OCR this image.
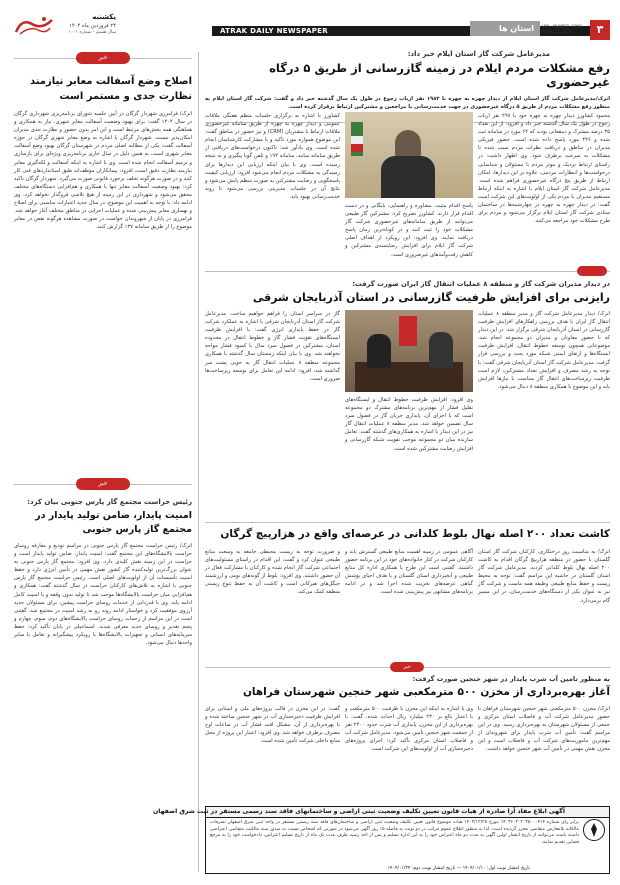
یکشنبه
۲۴ فروردین ماه ۱۴۰۴
سال هشتم - شماره ۱۰۰۱	ATRAK DAILY NEWSPAPER	استان ها	VOL. NUMRO. 1001
APRIL 13.2025	۳
خبر
اصلاح وضع آسفالت معابر نیازمند نظارت جدی و مستمر است
اترک/ فرامرزی شهردار گرگان در آیین جلسه شورای برنامه‌ریزی شهرداری گرگان در سال ۱۴۰۴ گفت: برای بهبود وضعیت آسفالت معابر شهری، نیاز به همکاری و هماهنگی همه بخش‌های مرتبط است و این امر بدون حضور و نظارت جدی مدیران امکان‌پذیر نیست. شهردار گرگان با اشاره به وضع معابر شهری گرگان در حوزه آسفالت گفت: یکی از مطالبه اصلی مردم در شهرستان گرگان بهبود وضع آسفالت معابر شهری است، به همین دلیل در سال جاری برنامه‌ریزی ویژه‌ای برای بازسازی و ترمیم آسفالت انجام شده است. وی با اشاره به اینکه آسفالت و لکه‌گیری معابر نیازمند نظارت دقیق است، افزود: پیمانکاران موظف‌اند طبق استانداردهای فنی کار کنند و در صورت هرگونه تخلف برخورد قانونی صورت می‌گیرد. شهردار گرگان تاکید کرد: بهبود وضعیت آسفالت معابر تنها با همکاری و هم‌افزایی دستگاه‌های مختلف محقق می‌شود و شهرداری در این زمینه از هیچ تلاشی فروگذار نخواهد کرد. وی ادامه داد: با توجه به اهمیت این موضوع، در سال جدید اعتبارات مناسبی برای اصلاح و بهسازی معابر پیش‌بینی شده و عملیات اجرایی در مناطق مختلف آغاز خواهد شد. فرامرزی در پایان از شهروندان خواست در صورت مشاهده هرگونه نقص در معابر موضوع را از طریق سامانه ۱۳۷ گزارش کنند.
خبر
رئیس حراست مجتمع گاز پارس جنوبی بیان کرد:
امنیت پایدار، ضامن تولید پایدار در مجتمع گاز پارس جنوبی
اترک/ رئیس حراست مجتمع گاز پارس جنوبی در مراسم تودیع و معارفه روسای حراست پالایشگاه‌های این مجتمع گفت: امنیت پایدار، ضامن تولید پایدار است و حراست در این زمینه نقش کلیدی دارد. وی افزود: مجتمع گاز پارس جنوبی به عنوان بزرگ‌ترین تولیدکننده گاز کشور نقش مهمی در تأمین انرژی دارد و حفظ امنیت تأسیسات آن از اولویت‌های اصلی است. رئیس حراست مجتمع گاز پارس جنوبی با اشاره به تلاش‌های کارکنان حراست در سال گذشته گفت: همکاری و هم‌افزایی میان حراست پالایشگاه‌ها موجب شد تا تولید بدون وقفه و با امنیت کامل ادامه یابد. وی با قدردانی از خدمات روسای حراست پیشین، برای مسئولان جدید آرزوی موفقیت کرد و خواستار ادامه روند رو به رشد امنیت در مجتمع شد. گفتنی است در این مراسم از زحمات روسای حراست پالایشگاه‌های دوم، سوم، چهارم و پنجم تقدیر و روسای جدید معرفی شدند. اسماعیلی در پایان تأکید کرد: حفظ سرمایه‌های انسانی و تجهیزات پالایشگاه‌ها با رویکرد پیشگیرانه و تعامل با سایر واحدها دنبال می‌شود.
مدیرعامل شرکت گاز استان ایلام خبر داد:
رفع مشکلات مردم ایلام در زمینه گازرسانی از طریق ۵ درگاه غیرحضوری
اترک/مدیرعامل شرکت گاز استان ایلام از دیدار چهره به چهره با ۱۹۸۳ نفر ارباب رجوع در طول یک سال گذشته خبر داد و گفت: شرکت گاز استان ایلام به منظور رفع مشکلات مردم از طریق ۵ درگاه غیرحضوری در جهت خدمت‌رسانی با مراجعین و مشترکین ارتباط برقرار کرده است.
محمود کشاورز دیدار چهره به چهره خود با ۲۹۷ نفر ارباب رجوع در طول یک سال گذشته خبر داد و افزود: از این تعداد ۳۵ درصد مشترک و ذینفعانی بودند که ۶۴ مورد در سامانه ثبت شده و ۴۲۶ مورد پاسخ داده شده است. حضور فیزیکی مدیران در مناطق و دریافت نظرات مردم سبب شده تا مشکلات به سرعت برطرف شود. وی اظهار داشت: در راستای ارتباط نزدیک و موثر مردم با مسئولان و شناسایی درخواست‌ها و انتظارات مردمی، علاوه بر این دیدارها، امکان ارتباط از طریق پنج درگاه غیرحضوری فراهم شده است. مدیرعامل شرکت گاز استان ایلام با اشاره به اینکه ارتباط مستقیم مدیران با مردم یکی از اولویت‌های این شرکت است گفت: در دیدار چهره به چهره در چهارشنبه‌ها در ساختمان ستادی شرکت گاز استان ایلام برگزار می‌شود و مردم برای طرح مشکلات خود مراجعه می‌کنند.
پاسخ اقدام مثبت، مشاوره و راهنمایی، بایگانی و در دست اقدام قرار دارند. کشاورز تصریح کرد: مشترکین گاز طبیعی می‌توانند از طریق سامانه‌های غیرحضوری شرکت گاز مشکلات خود را ثبت کنند و در کوتاه‌ترین زمان پاسخ دریافت نمایند. وی افزود: این رویکرد از اهداف اصلی شرکت گاز ایلام برای افزایش رضایتمندی مشترکین و کاهش رفت‌وآمدهای غیرضروری است.
کشاورز با اشاره به برگزاری جلسات منظم هفتگی ملاقات عمومی و دیدار چهره به چهره از طریق سامانه غیرحضوری ملاقات ارتباط با مشتریان (CRM) و نیز حضور در مناطق گفت: این موضوع همواره مورد تأکید و با مشارکت کارشناسان انجام شده است. وی یادآور شد: تاکنون درخواست‌های دریافتی از طریق سامانه سامد، سامانه ۱۹۴ و تلفن گویا پیگیری و به نتیجه رسیده است. وی با بیان اینکه ارزیابی این دیدارها برای رسیدگی به مشکلات مردم انجام می‌شود افزود: ارزیابی کیفیت پاسخگویی و رضایت مشترکین به صورت منظم پایش می‌شود و نتایج آن در جلسات مدیریتی بررسی می‌شود تا روند خدمت‌رسانی بهبود یابد.
در دیدار مدیران شرکت گاز و منطقه ۸ عملیات انتقال گاز ایران صورت گرفت:
رایزنی برای افزایش ظرفیت گازرسانی در استان آذربایجان شرقی
اترک/ دیدار مدیرعامل شرکت گاز و مدیر منطقه ۸ عملیات انتقال گاز ایران با هدف بررسی راهکارهای افزایش ظرفیت گازرسانی در استان آذربایجان شرقی برگزار شد. در این دیدار که با حضور معاونان و مدیران دو مجموعه انجام شد، موضوعاتی همچون توسعه خطوط انتقال، افزایش ظرفیت ایستگاه‌ها و ارتقای ایمنی شبکه مورد بحث و بررسی قرار گرفت. مدیرعامل شرکت گاز استان آذربایجان شرقی گفت: با توجه به رشد مصرف و افزایش تعداد مشترکین، لازم است ظرفیت زیرساخت‌های انتقال گاز متناسب با نیازها افزایش یابد و این موضوع با همکاری منطقه ۸ دنبال می‌شود.
وی افزود: افزایش ظرفیت خطوط انتقال و ایستگاه‌های تقلیل فشار از مهم‌ترین برنامه‌های مشترک دو مجموعه است که با اجرای آن، پایداری جریان گاز در فصول سرد سال تضمین خواهد شد. مدیر منطقه ۸ عملیات انتقال گاز نیز در این دیدار با اشاره به همکاری‌های گذشته گفت: تعامل سازنده میان دو مجموعه موجب تقویت شبکه گازرسانی و افزایش رضایت مشترکین شده است.
گاز در سراسر استان را فراهم خواهیم ساخت. مدیرعامل شرکت گاز استان آذربایجان شرقی با اشاره به عملکرد شرکت گاز در حفظ پایداری انرژی گفت: با افزایش ظرفیت ایستگاه‌های تقویت فشار گاز و خطوط انتقال در محدوده استان، مشترکین در فصول سرد سال با کمبود فشار مواجه نخواهند شد. وی با بیان اینکه زمستان سال گذشته با همکاری مجموعه منطقه ۸ عملیات انتقال گاز به خوبی پشت سر گذاشته شد، افزود: ادامه این تعامل برای توسعه زیرساخت‌ها ضروری است.
کاشت تعداد ۲۰۰ اصله نهال بلوط کلدانی در عرصه‌ای واقع در هزارپیچ گرگان
اترک/ به مناسبت روز درختکاری، کارکنان شرکت گاز استان گلستان با حضور در منطقه هزارپیچ گرگان اقدام به کاشت ۲۰۰ اصله نهال بلوط کلدانی کردند. مدیرعامل شرکت گاز استان گلستان در حاشیه این مراسم گفت: توجه به محیط زیست و حفظ منابع طبیعی وظیفه همه ماست و شرکت گاز نیز به عنوان یکی از دستگاه‌های خدمت‌رسان، در این مسیر گام برمی‌دارد.
آگاهی عمومی در زمینه اهمیت منابع طبیعی گسترش یابد و کارکنان شرکت در کنار خانواده‌های خود در این برنامه حضور داشتند. گفتنی است این طرح با همکاری اداره کل منابع طبیعی و آبخیزداری استان گلستان و با هدف احیای پوشش گیاهی عرصه‌های تخریب شده اجرا شد و در ادامه برنامه‌های مشابهی نیز پیش‌بینی شده است.
و ضرورت توجه به زیست محیطی جامعه به وسعت منابع طبیعی عنوان کرد و گفت: این اقدام در راستای مسئولیت‌های اجتماعی شرکت گاز انجام شده و کارکنان با مشارکت فعال در آن حضور داشتند. وی افزود: بلوط از گونه‌های بومی و ارزشمند جنگل‌های هیرکانی است و کاشت آن به حفظ تنوع زیستی منطقه کمک می‌کند.
خبر
به منظور تامین آب شرب پایدار در شهر خنجین صورت گرفت:
آغاز بهره‌برداری از مخزن ۵۰۰ مترمکعبی شهر خنجین شهرستان فراهان
اترک/ مخزن ۵۰۰ مترمکعبی شهر خنجین شهرستان فراهان با حضور مدیرعامل شرکت آب و فاضلاب استان مرکزی و جمعی از مسئولان شهرستان به بهره‌برداری رسید. وی در این مراسم گفت: تأمین آب شرب پایدار برای شهروندان از مهم‌ترین ماموریت‌های شرکت آب و فاضلاب است و این مخزن نقش مهمی در تأمین آب شهر خنجین خواهد داشت.
وی با اشاره به اینکه این مخزن با ظرفیت ۵۰۰ مترمکعب و با اعتبار بالغ بر ۲۳۰ میلیارد ریال احداث شده، گفت: با بهره‌برداری از این مخزن، پایداری آب شرب حدود ۲۴۰۰ نفر از جمعیت شهر خنجین تأمین می‌شود. مدیرعامل شرکت آب و فاضلاب استان مرکزی تأکید کرد: اجرای پروژه‌های ذخیره‌سازی آب از اولویت‌های این شرکت است.
گفت: در این مخزن در قالب پروژه‌های ملی و استانی برای افزایش ظرفیت ذخیره‌سازی آب در شهر خنجین ساخته شده و با بهره‌برداری از آن، مشکل افت فشار آب در ساعات اوج مصرف برطرف خواهد شد. وی افزود: اعتبار این پروژه از محل منابع داخلی شرکت تأمین شده است.
آگهی ابلاغ مفاد آرا صادره از هیات قانون تعیین تکلیف وضعیت ثبتی اراضی و ساختمانهای فاقد سند رسمی مستقر در ثبت شرق اصفهان
برابر رای شماره ۱۴۰۳۶۰۳۰۲۰۳۵۰۰۰۴۱۴ مورخ ۱۴۰۳/۱۲/۲۸ هیات موضوع قانون تعیین تکلیف وضعیت ثبتی اراضی و ساختمان‌های فاقد سند رسمی مستقر در واحد ثبتی شرق اصفهان تصرفات مالکانه بلامعارض متقاضی محرز گردیده است. لذا به منظور اطلاع عموم مراتب در دو نوبت به فاصله ۱۵ روز آگهی می‌شود در صورتی که اشخاص نسبت به صدور سند مالکیت متقاضی اعتراضی داشته باشند می‌توانند از تاریخ انتشار اولین آگهی به مدت دو ماه اعتراض خود را به این اداره تسلیم و پس از اخذ رسید ظرف مدت یک ماه از تاریخ تسلیم اعتراض، دادخواست خود را به مرجع قضایی تقدیم نمایند.
تاریخ انتشار نوبت اول: ۱۴۰۴/۰۱/۱۰ — تاریخ انتشار نوبت دوم: ۱۴۰۴/۰۱/۲۴
